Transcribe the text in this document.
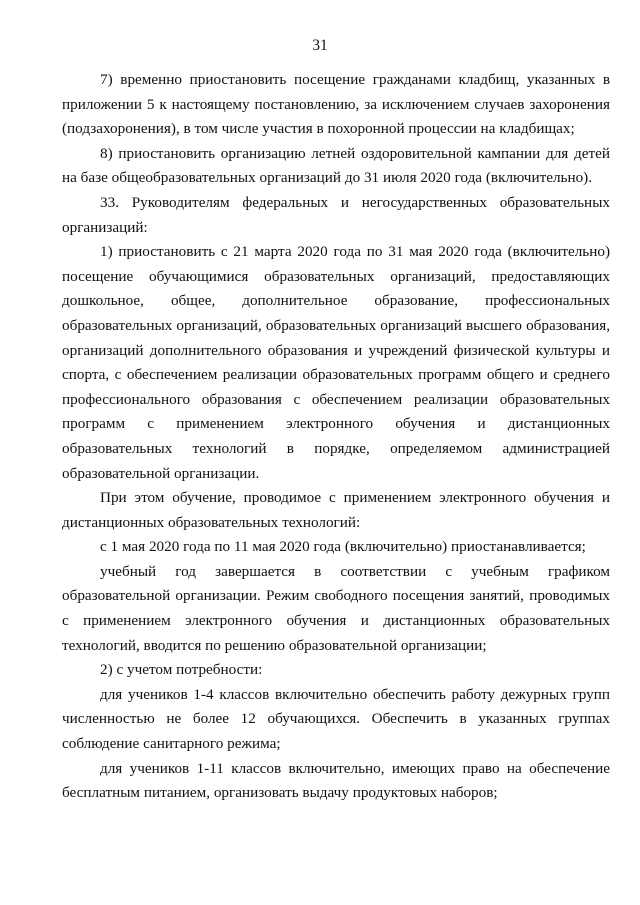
31
7) временно приостановить посещение гражданами кладбищ, указанных в
приложении 5 к настоящему постановлению, за исключением случаев захоронения
(подзахоронения), в том числе участия в похоронной процессии на кладбищах;
8) приостановить организацию летней оздоровительной кампании для детей
на базе общеобразовательных организаций до 31 июля 2020 года (включительно).
33. Руководителям федеральных и негосударственных образовательных
организаций:
1) приостановить с 21 марта 2020 года по 31 мая 2020 года (включительно)
посещение обучающимися образовательных организаций, предоставляющих
дошкольное, общее, дополнительное образование, профессиональных
образовательных организаций, образовательных организаций высшего образования,
организаций дополнительного образования и учреждений физической культуры и
спорта, с обеспечением реализации образовательных программ общего и среднего
профессионального образования с обеспечением реализации образовательных
программ с применением электронного обучения и дистанционных
образовательных технологий в порядке, определяемом администрацией
образовательной организации.
При этом обучение, проводимое с применением электронного обучения и
дистанционных образовательных технологий:
с 1 мая 2020 года по 11 мая 2020 года (включительно) приостанавливается;
учебный год завершается в соответствии с учебным графиком
образовательной организации. Режим свободного посещения занятий, проводимых
с применением электронного обучения и дистанционных образовательных
технологий, вводится по решению образовательной организации;
2) с учетом потребности:
для учеников 1-4 классов включительно обеспечить работу дежурных групп
численностью не более 12 обучающихся. Обеспечить в указанных группах
соблюдение санитарного режима;
для учеников 1-11 классов включительно, имеющих право на обеспечение
бесплатным питанием, организовать выдачу продуктовых наборов;
